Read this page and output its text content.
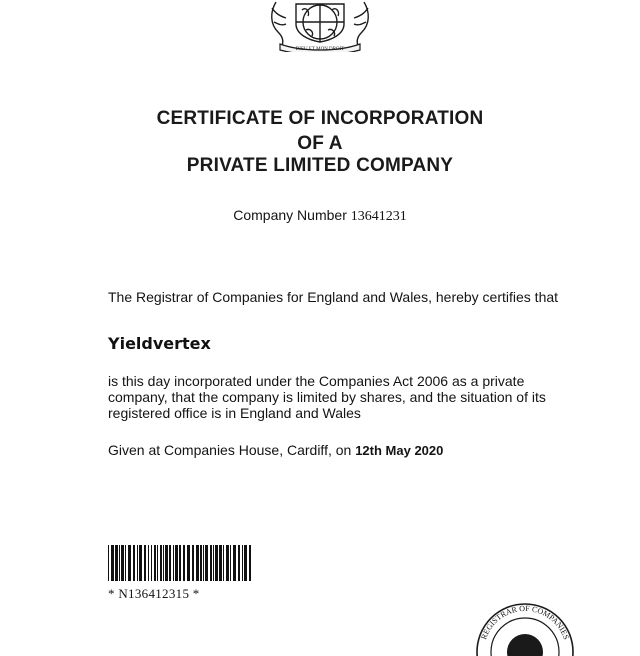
DIEU ET MON DROIT
CERTIFICATE OF INCORPORATION
OF A
PRIVATE LIMITED COMPANY
Company Number 13641231

The Registrar of Companies for England and Wales, hereby certifies that

Yieldvertex

is this day incorporated under the Companies Act 2006 as a private company, that the company is limited by shares, and the situation of its registered office is in England and Wales

Given at Companies House, Cardiff, on 12th May 2020
* N136412315 *
REGISTRAR OF COMPANIES
